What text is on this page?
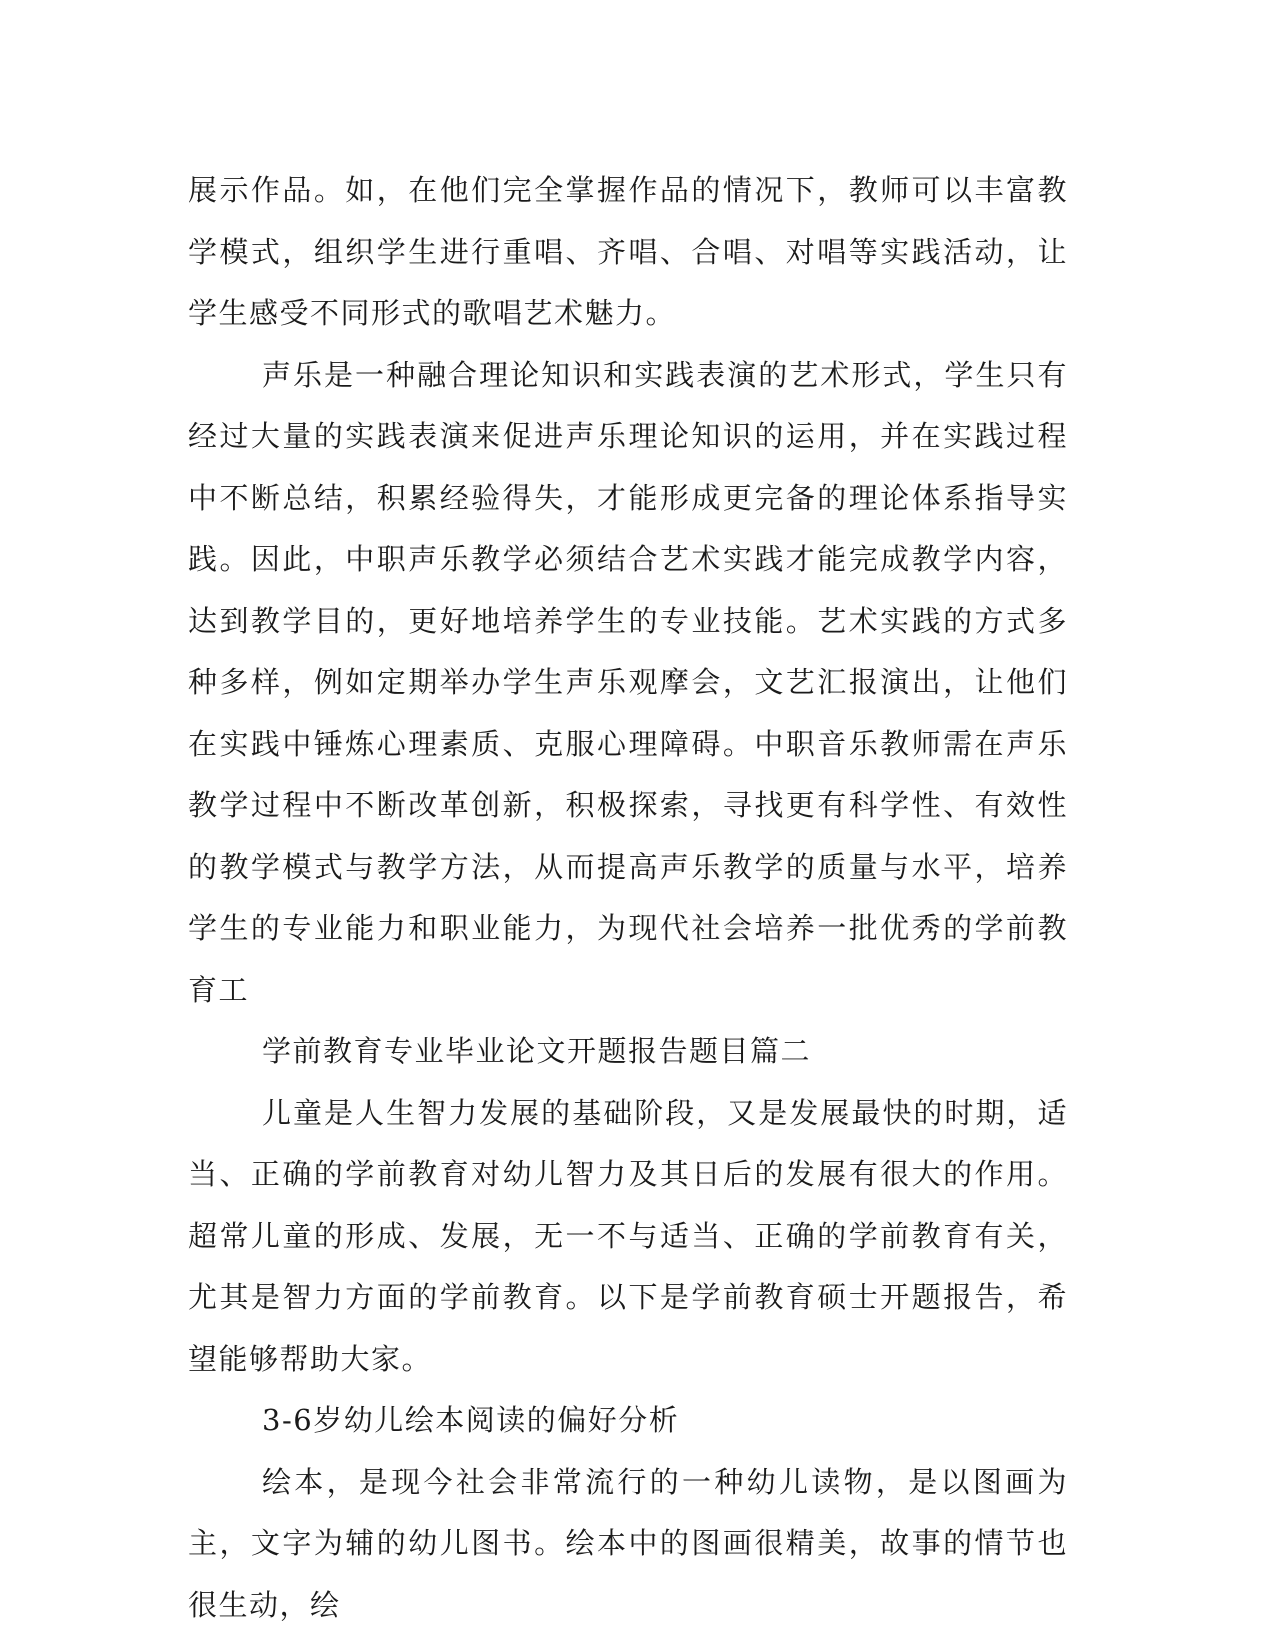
展示作品。如，在他们完全掌握作品的情况下，教师可以丰富教学模式，组织学生进行重唱、齐唱、合唱、对唱等实践活动，让学生感受不同形式的歌唱艺术魅力。

声乐是一种融合理论知识和实践表演的艺术形式，学生只有经过大量的实践表演来促进声乐理论知识的运用，并在实践过程中不断总结，积累经验得失，才能形成更完备的理论体系指导实践。因此，中职声乐教学必须结合艺术实践才能完成教学内容，达到教学目的，更好地培养学生的专业技能。艺术实践的方式多种多样，例如定期举办学生声乐观摩会，文艺汇报演出，让他们在实践中锤炼心理素质、克服心理障碍。中职音乐教师需在声乐教学过程中不断改革创新，积极探索，寻找更有科学性、有效性的教学模式与教学方法，从而提高声乐教学的质量与水平，培养学生的专业能力和职业能力，为现代社会培养一批优秀的学前教育工

学前教育专业毕业论文开题报告题目篇二

儿童是人生智力发展的基础阶段，又是发展最快的时期，适当、正确的学前教育对幼儿智力及其日后的发展有很大的作用。超常儿童的形成、发展，无一不与适当、正确的学前教育有关，尤其是智力方面的学前教育。以下是学前教育硕士开题报告，希望能够帮助大家。

3-6岁幼儿绘本阅读的偏好分析

绘本，是现今社会非常流行的一种幼儿读物，是以图画为主，文字为辅的幼儿图书。绘本中的图画很精美，故事的情节也很生动，绘
